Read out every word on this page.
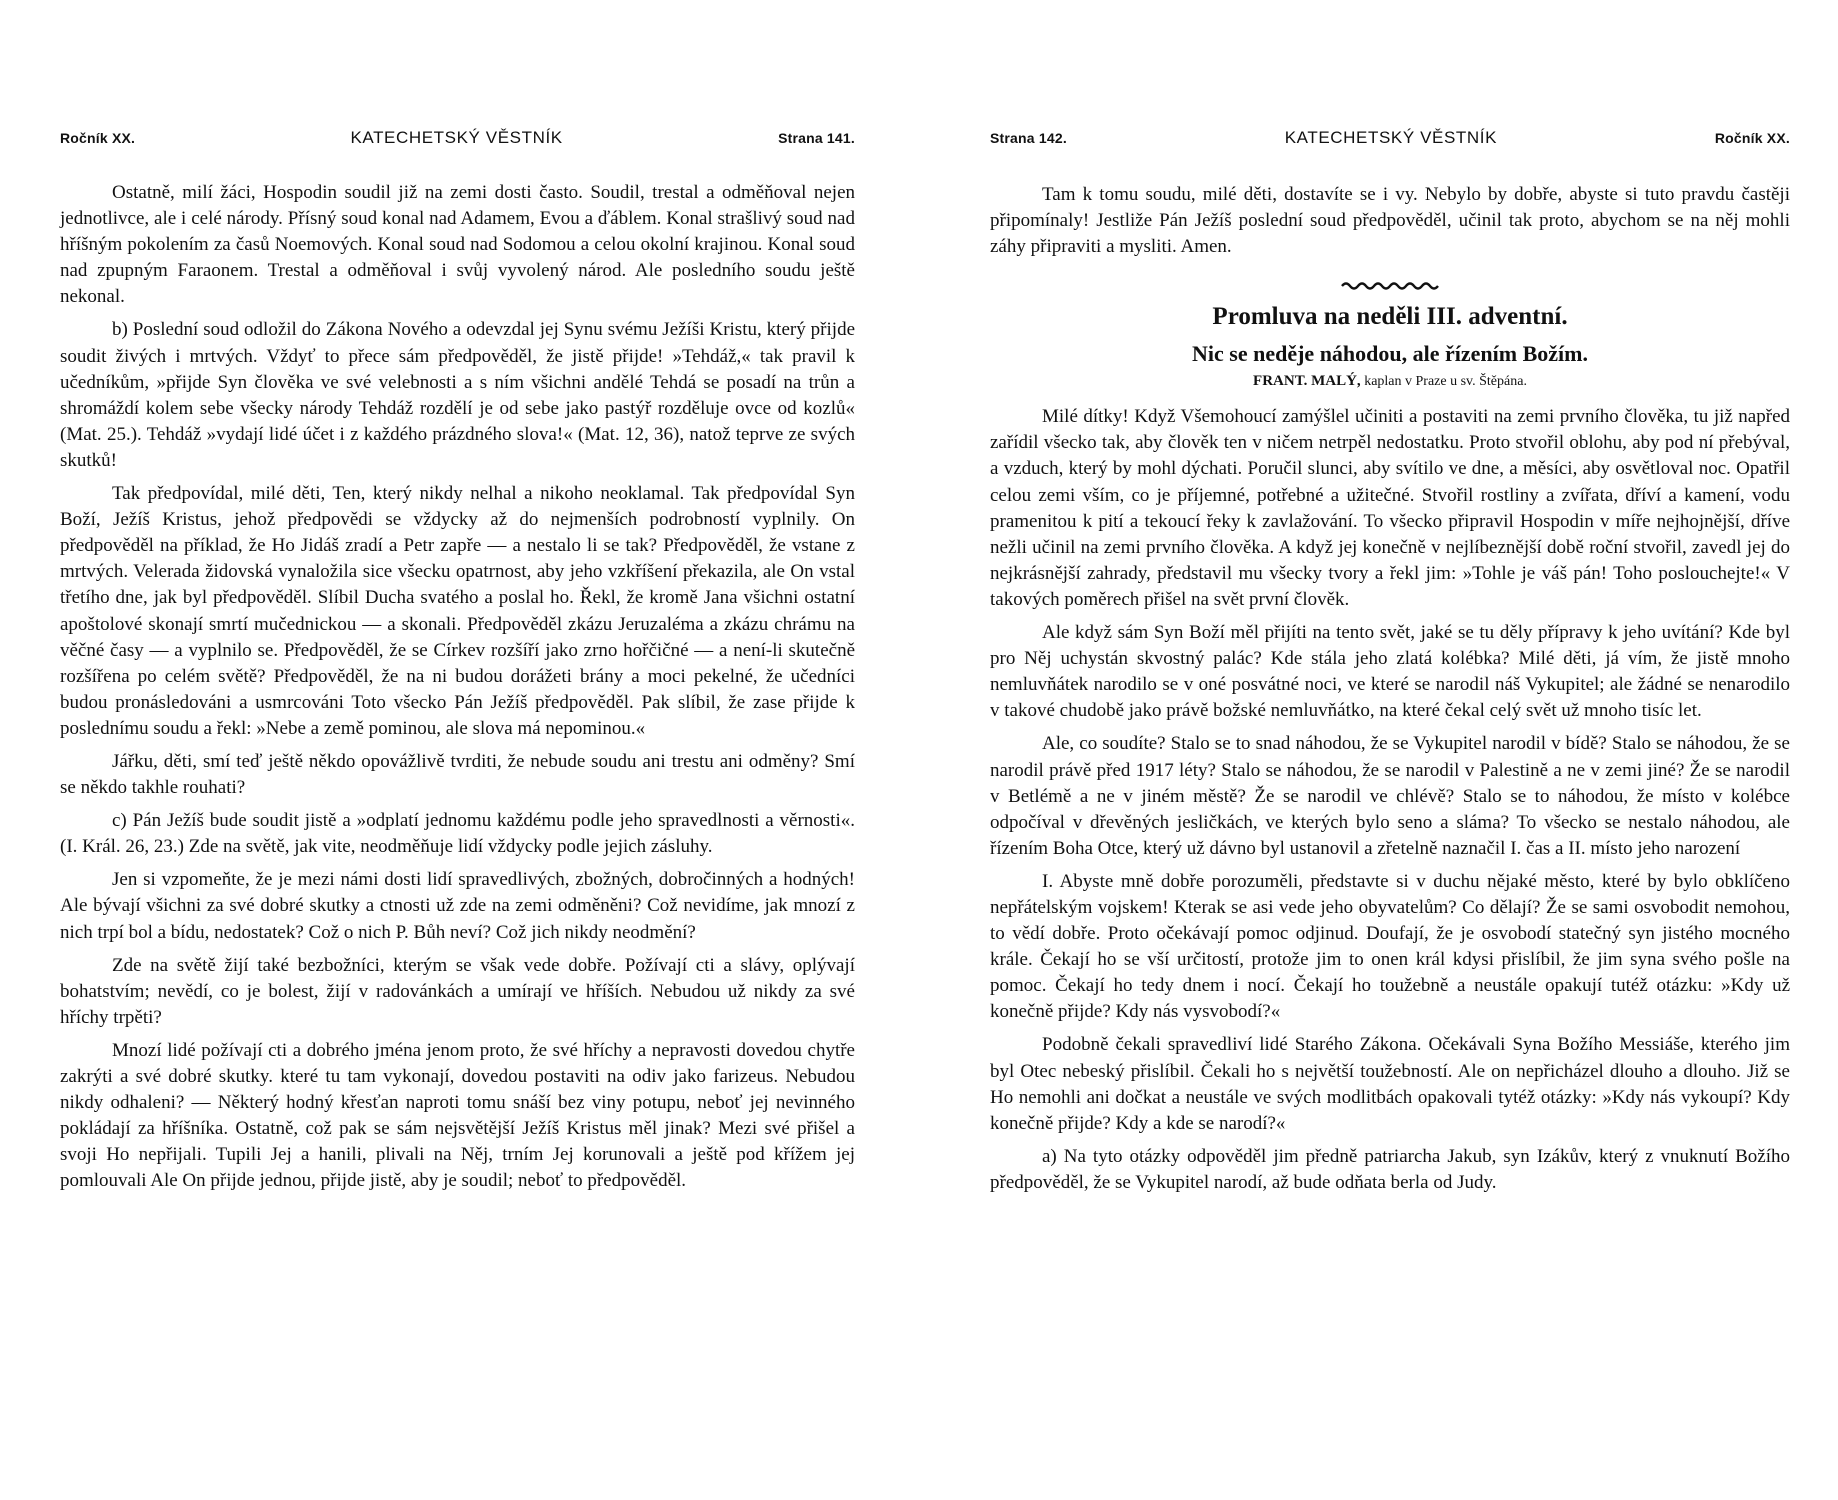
Ročník XX.	KATECHETSKÝ VĚSTNÍK	Strana 141.

Ostatně, milí žáci, Hospodin soudil již na zemi dosti často. Soudil, trestal a odměňoval nejen jednotlivce, ale i celé národy. Přísný soud konal nad Adamem, Evou a ďáblem. Konal strašlivý soud nad hříšným pokolením za časů Noemových. Konal soud nad Sodomou a celou okolní krajinou. Konal soud nad zpupným Faraonem. Trestal a odměňoval i svůj vyvolený národ. Ale posledního soudu ještě nekonal.

b) Poslední soud odložil do Zákona Nového a odevzdal jej Synu svému Ježíši Kristu, který přijde soudit živých i mrtvých. Vždyť to přece sám předpověděl, že jistě přijde! »Tehdáž,« tak pravil k učedníkům, »přijde Syn člověka ve své velebnosti a s ním všichni andělé Tehdá se posadí na trůn a shromáždí kolem sebe všecky národy Tehdáž rozdělí je od sebe jako pastýř rozděluje ovce od kozlů« (Mat. 25.). Tehdáž »vydají lidé účet i z každého prázdného slova!« (Mat. 12, 36), natož teprve ze svých skutků!

Tak předpovídal, milé děti, Ten, který nikdy nelhal a nikoho neoklamal. Tak předpovídal Syn Boží, Ježíš Kristus, jehož předpovědi se vždycky až do nejmenších podrobností vyplnily. On předpověděl na příklad, že Ho Jidáš zradí a Petr zapře — a nestalo li se tak? Předpověděl, že vstane z mrtvých. Velerada židovská vynaložila sice všecku opatrnost, aby jeho vzkříšení překazila, ale On vstal třetího dne, jak byl předpověděl. Slíbil Ducha svatého a poslal ho. Řekl, že kromě Jana všichni ostatní apoštolové skonají smrtí mučednickou — a skonali. Předpověděl zkázu Jeruzaléma a zkázu chrámu na věčné časy — a vyplnilo se. Předpověděl, že se Církev rozšíří jako zrno hořčičné — a není-li skutečně rozšířena po celém světě? Předpověděl, že na ni budou dorážeti brány a moci pekelné, že učedníci budou pronásledováni a usmrcováni Toto všecko Pán Ježíš předpověděl. Pak slíbil, že zase přijde k poslednímu soudu a řekl: »Nebe a země pominou, ale slova má nepominou.«

Jářku, děti, smí teď ještě někdo opovážlivě tvrditi, že nebude soudu ani trestu ani odměny? Smí se někdo takhle rouhati?

c) Pán Ježíš bude soudit jistě a »odplatí jednomu každému podle jeho spravedlnosti a věrnosti«. (I. Král. 26, 23.) Zde na světě, jak vite, neodměňuje lidí vždycky podle jejich zásluhy.

Jen si vzpomeňte, že je mezi námi dosti lidí spravedlivých, zbožných, dobročinných a hodných! Ale bývají všichni za své dobré skutky a ctnosti už zde na zemi odměněni? Což nevidíme, jak mnozí z nich trpí bol a bídu, nedostatek? Což o nich P. Bůh neví? Což jich nikdy neodmění?

Zde na světě žijí také bezbožníci, kterým se však vede dobře. Požívají cti a slávy, oplývají bohatstvím; nevědí, co je bolest, žijí v radovánkách a umírají ve hříších. Nebudou už nikdy za své hříchy trpěti?

Mnozí lidé požívají cti a dobrého jména jenom proto, že své hříchy a nepravosti dovedou chytře zakrýti a své dobré skutky. které tu tam vykonají, dovedou postaviti na odiv jako farizeus. Nebudou nikdy odhaleni? — Některý hodný křesťan naproti tomu snáší bez viny potupu, neboť jej nevinného pokládají za hříšníka. Ostatně, což pak se sám nejsvětější Ježíš Kristus měl jinak? Mezi své přišel a svoji Ho nepřijali. Tupili Jej a hanili, plivali na Něj, trním Jej korunovali a ještě pod křížem jej pomlouvali Ale On přijde jednou, přijde jistě, aby je soudil; neboť to předpověděl.

Strana 142.	KATECHETSKÝ VĚSTNÍK	Ročník XX.

Tam k tomu soudu, milé děti, dostavíte se i vy. Nebylo by dobře, abyste si tuto pravdu častěji připomínaly! Jestliže Pán Ježíš poslední soud předpověděl, učinil tak proto, abychom se na něj mohli záhy připraviti a mysliti. Amen.

Promluva na neděli III. adventní.
Nic se neděje náhodou, ale řízením Božím.
FRANT. MALÝ, kaplan v Praze u sv. Štěpána.

Milé dítky! Když Všemohoucí zamýšlel učiniti a postaviti na zemi prvního člověka, tu již napřed zařídil všecko tak, aby člověk ten v ničem netrpěl nedostatku. Proto stvořil oblohu, aby pod ní přebýval, a vzduch, který by mohl dýchati. Poručil slunci, aby svítilo ve dne, a měsíci, aby osvětloval noc. Opatřil celou zemi vším, co je příjemné, potřebné a užitečné. Stvořil rostliny a zvířata, dříví a kamení, vodu pramenitou k pití a tekoucí řeky k zavlažování. To všecko připravil Hospodin v míře nejhojnější, dříve nežli učinil na zemi prvního člověka. A když jej konečně v nejlíbeznější době roční stvořil, zavedl jej do nejkrásnější zahrady, představil mu všecky tvory a řekl jim: »Tohle je váš pán! Toho poslouchejte!« V takových poměrech přišel na svět první člověk.

Ale když sám Syn Boží měl přijíti na tento svět, jaké se tu děly přípravy k jeho uvítání? Kde byl pro Něj uchystán skvostný palác? Kde stála jeho zlatá kolébka? Milé děti, já vím, že jistě mnoho nemluvňátek narodilo se v oné posvátné noci, ve které se narodil náš Vykupitel; ale žádné se nenarodilo v takové chudobě jako právě božské nemluvňátko, na které čekal celý svět už mnoho tisíc let.

Ale, co soudíte? Stalo se to snad náhodou, že se Vykupitel narodil v bídě? Stalo se náhodou, že se narodil právě před 1917 léty? Stalo se náhodou, že se narodil v Palestině a ne v zemi jiné? Že se narodil v Betlémě a ne v jiném městě? Že se narodil ve chlévě? Stalo se to náhodou, že místo v kolébce odpočíval v dřevěných jesličkách, ve kterých bylo seno a sláma? To všecko se nestalo náhodou, ale řízením Boha Otce, který už dávno byl ustanovil a zřetelně naznačil I. čas a II. místo jeho narození

I. Abyste mně dobře porozuměli, představte si v duchu nějaké město, které by bylo obklíčeno nepřátelským vojskem! Kterak se asi vede jeho obyvatelům? Co dělají? Že se sami osvobodit nemohou, to vědí dobře. Proto očekávají pomoc odjinud. Doufají, že je osvobodí statečný syn jistého mocného krále. Čekají ho se vší určitostí, protože jim to onen král kdysi přislíbil, že jim syna svého pošle na pomoc. Čekají ho tedy dnem i nocí. Čekají ho toužebně a neustále opakují tutéž otázku: »Kdy už konečně přijde? Kdy nás vysvobodí?«

Podobně čekali spravedliví lidé Starého Zákona. Očekávali Syna Božího Messiáše, kterého jim byl Otec nebeský přislíbil. Čekali ho s největší toužebností. Ale on nepřicházel dlouho a dlouho. Již se Ho nemohli ani dočkat a neustále ve svých modlitbách opakovali tytéž otázky: »Kdy nás vykoupí? Kdy konečně přijde? Kdy a kde se narodí?«

a) Na tyto otázky odpověděl jim předně patriarcha Jakub, syn Izákův, který z vnuknutí Božího předpověděl, že se Vykupitel narodí, až bude odňata berla od Judy.
